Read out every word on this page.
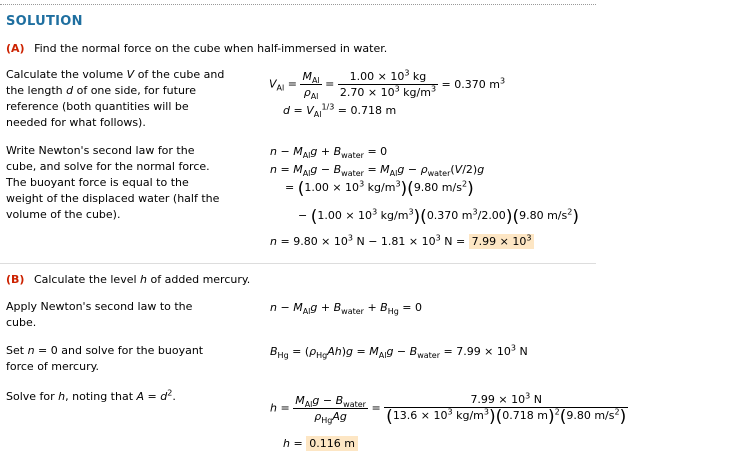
SOLUTION
(A) Find the normal force on the cube when half-immersed in water.
Calculate the volume V of the cube and the length d of one side, for future reference (both quantities will be needed for what follows).
$V_{Al} = \frac{M_{Al}}{\rho_{Al}} = \frac{1.00 \times 10^3 kg}{2.70 \times 10^3 kg/m^3} = 0.370$ $m^3$
$d = V_{Al}^{1/3} = 0.718$ m
Write Newton's second law for the cube, and solve for the normal force. The buoyant force is equal to the weight of the displaced water (half the volume of the cube).
$n - M_{Al}g + B_{water} = 0$
$n = M_{Al}g - B_{water} = M_{Al}g - \rho_{water}(V/2)g$
= ($1.00 \times 10^3$ $kg/m^3)(9.80$ $m/s^2$)
− ($1.00 \times 10^3$ $kg/m^3)(0.370$ $m^3/2.00)(9.80$ $m/s^2$)
$n = 9.80 \times 10^3$ $N - 1.81 \times 10^3$ $N = 7.99 \times 10^3$
(B) Calculate the level h of added mercury.
Apply Newton's second law to the cube.
$n - M_{Al}g + B_{water} + B_{Hg} = 0$
Set n = 0 and solve for the buoyant force of mercury.
$B_{Hg} = (\rho_{Hg}Ah)g = M_{Al}g - B_{water} = 7.99 \times 10^3$ N
Solve for h, noting that $A = d^2$.
$h = \frac{M_{Al}g - B_{water}}{\rho_{Hg}Ag} = \frac{7.99 \times 10^3 N}{(13.6 \times 10^3 kg/m^3)(0.718 m)^2(9.80 m/s^2)}$
h = 0.116 m
